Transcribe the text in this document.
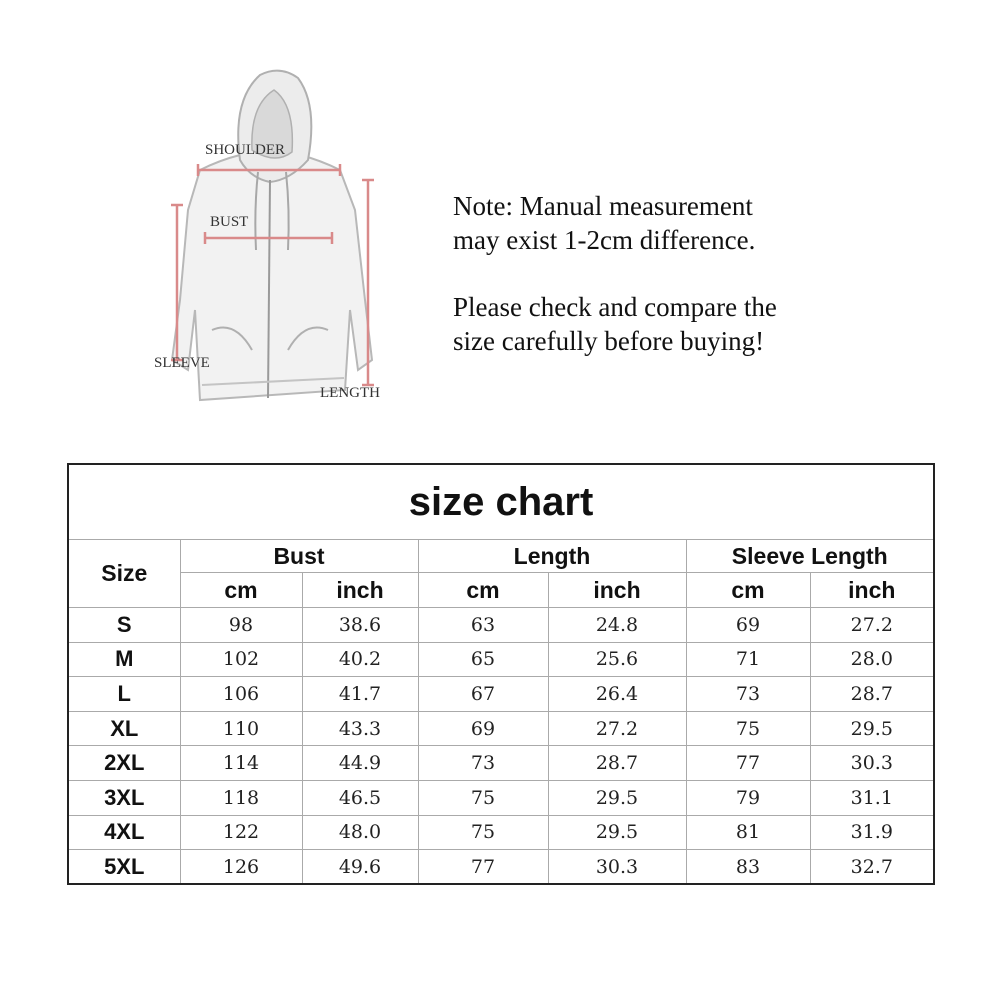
SHOULDER
BUST
SLEEVE
LENGTH

Note: Manual measurement

may exist 1-2cm difference.

Please check and compare the

size carefully before buying!

size chart						
Size	Bust		Length		Sleeve Length	
	cm	inch	cm	inch	cm	inch
S	98	38.6	63	24.8	69	27.2
M	102	40.2	65	25.6	71	28.0
L	106	41.7	67	26.4	73	28.7
XL	110	43.3	69	27.2	75	29.5
2XL	114	44.9	73	28.7	77	30.3
3XL	118	46.5	75	29.5	79	31.1
4XL	122	48.0	75	29.5	81	31.9
5XL	126	49.6	77	30.3	83	32.7
